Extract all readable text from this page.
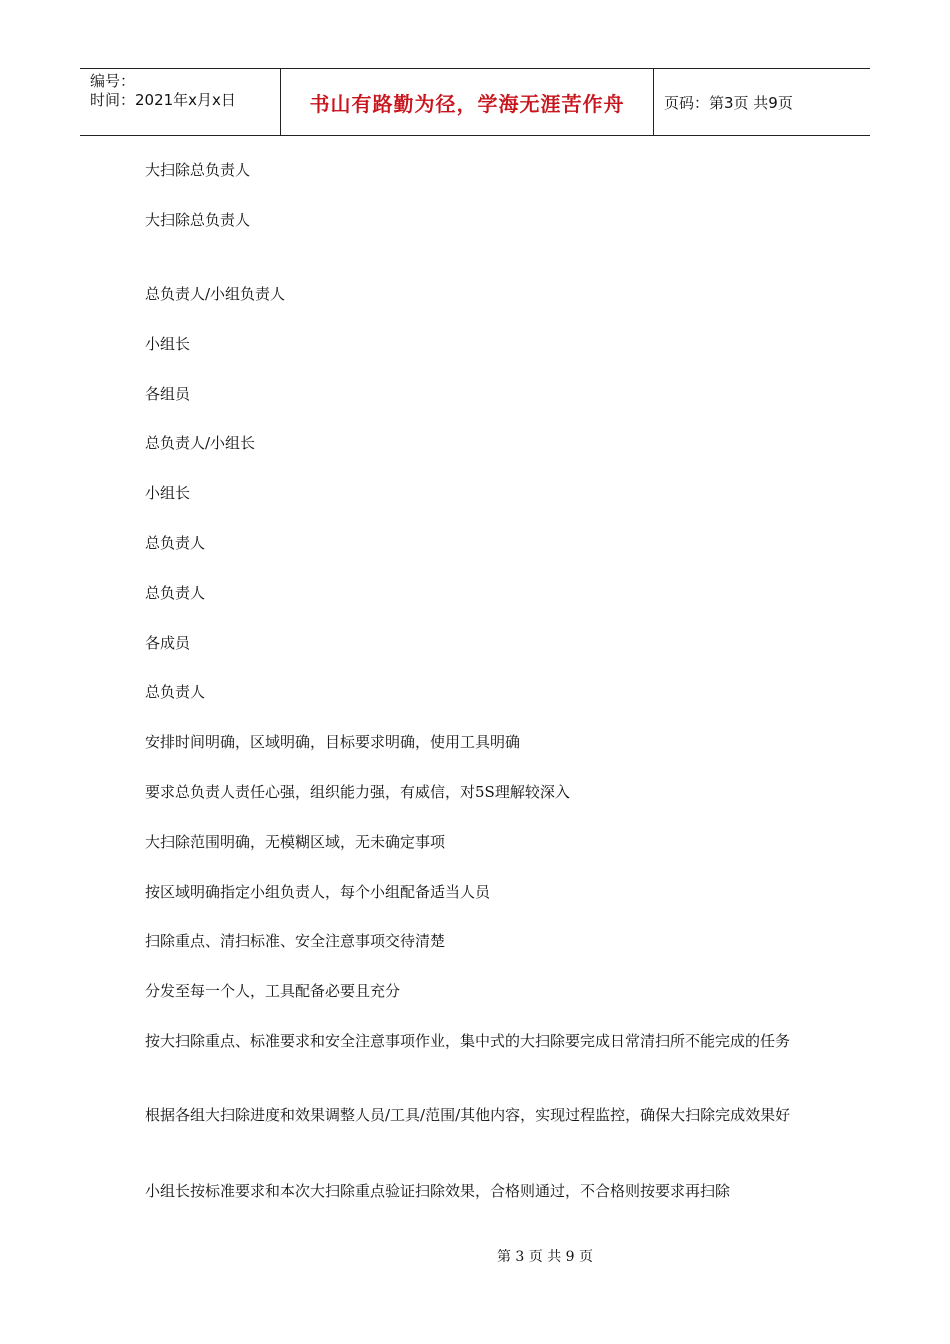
编号：
时间：2021年x月x日	书山有路勤为径，学海无涯苦作舟	页码：第3页 共9页
大扫除总负责人
大扫除总负责人
总负责人/小组负责人
小组长
各组员
总负责人/小组长
小组长
总负责人
总负责人
各成员
总负责人
安排时间明确，区域明确，目标要求明确，使用工具明确
要求总负责人责任心强，组织能力强，有威信，对5S理解较深入
大扫除范围明确，无模糊区域，无未确定事项
按区域明确指定小组负责人，每个小组配备适当人员
扫除重点、清扫标准、安全注意事项交待清楚
分发至每一个人，工具配备必要且充分
按大扫除重点、标准要求和安全注意事项作业，集中式的大扫除要完成日常清扫所不能完成的任务
根据各组大扫除进度和效果调整人员/工具/范围/其他内容，实现过程监控，确保大扫除完成效果好
小组长按标准要求和本次大扫除重点验证扫除效果，合格则通过，不合格则按要求再扫除
第 3 页 共 9 页
